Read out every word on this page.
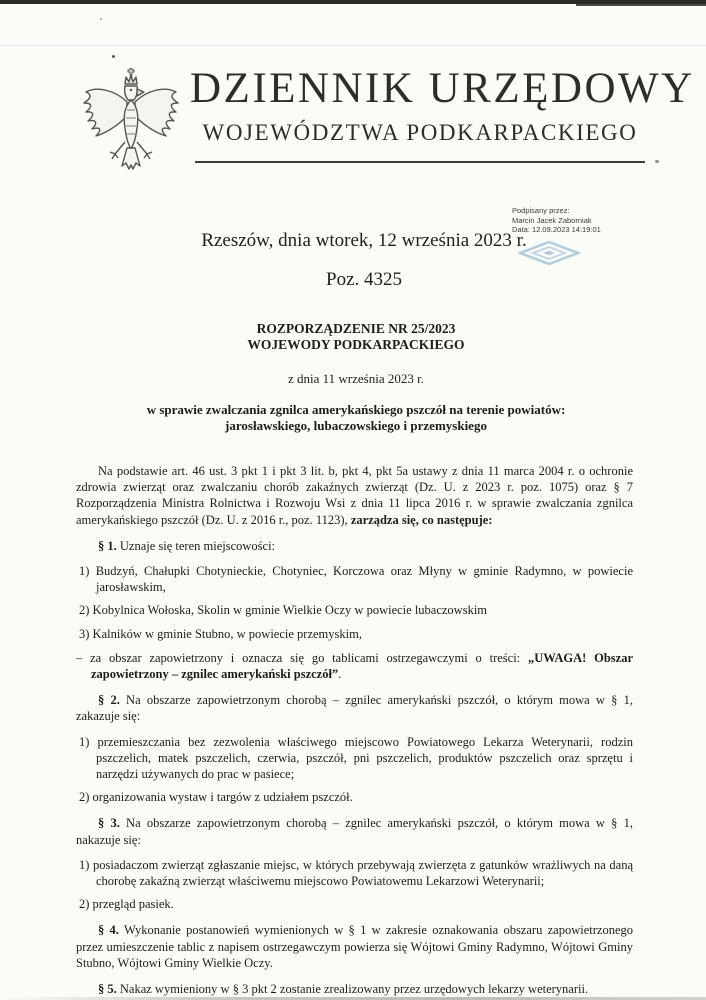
DZIENNIK URZĘDOWY
WOJEWÓDZTWA PODKARPACKIEGO
Rzeszów, dnia wtorek, 12 września 2023 r.
Poz. 4325
Podpisany przez:
Marcin Jacek Zaborniak
Data: 12.09.2023 14:19:01
ROZPORZĄDZENIE NR 25/2023
WOJEWODY PODKARPACKIEGO
z dnia 11 września 2023 r.
w sprawie zwalczania zgnilca amerykańskiego pszczół na terenie powiatów:
jarosławskiego, lubaczowskiego i przemyskiego

Na podstawie art. 46 ust. 3 pkt 1 i pkt 3 lit. b, pkt 4, pkt 5a ustawy z dnia 11 marca 2004 r. o ochronie zdrowia zwierząt oraz zwalczaniu chorób zakaźnych zwierząt (Dz. U. z 2023 r. poz. 1075) oraz § 7 Rozporządzenia Ministra Rolnictwa i Rozwoju Wsi z dnia 11 lipca 2016 r. w sprawie zwalczania zgnilca amerykańskiego pszczół (Dz. U. z 2016 r., poz. 1123), zarządza się, co następuje:

§ 1. Uznaje się teren miejscowości:

1) Budzyń, Chałupki Chotynieckie, Chotyniec, Korczowa oraz Młyny w gminie Radymno, w powiecie jarosławskim,

2) Kobylnica Wołoska, Skolin w gminie Wielkie Oczy w powiecie lubaczowskim

3) Kalników w gminie Stubno, w powiecie przemyskim,

– za obszar zapowietrzony i oznacza się go tablicami ostrzegawczymi o treści: „UWAGA! Obszar zapowietrzony – zgnilec amerykański pszczół”.

§ 2. Na obszarze zapowietrzonym chorobą – zgnilec amerykański pszczół, o którym mowa w § 1, zakazuje się:

1) przemieszczania bez zezwolenia właściwego miejscowo Powiatowego Lekarza Weterynarii, rodzin pszczelich, matek pszczelich, czerwia, pszczół, pni pszczelich, produktów pszczelich oraz sprzętu i narzędzi używanych do prac w pasiece;

2) organizowania wystaw i targów z udziałem pszczół.

§ 3. Na obszarze zapowietrzonym chorobą – zgnilec amerykański pszczół, o którym mowa w § 1, nakazuje się:

1) posiadaczom zwierząt zgłaszanie miejsc, w których przebywają zwierzęta z gatunków wrażliwych na daną chorobę zakaźną zwierząt właściwemu miejscowo Powiatowemu Lekarzowi Weterynarii;

2) przegląd pasiek.

§ 4. Wykonanie postanowień wymienionych w § 1 w zakresie oznakowania obszaru zapowietrzonego przez umieszczenie tablic z napisem ostrzegawczym powierza się Wójtowi Gminy Radymno, Wójtowi Gminy Stubno, Wójtowi Gminy Wielkie Oczy.

§ 5. Nakaz wymieniony w § 3 pkt 2 zostanie zrealizowany przez urzędowych lekarzy weterynarii.
